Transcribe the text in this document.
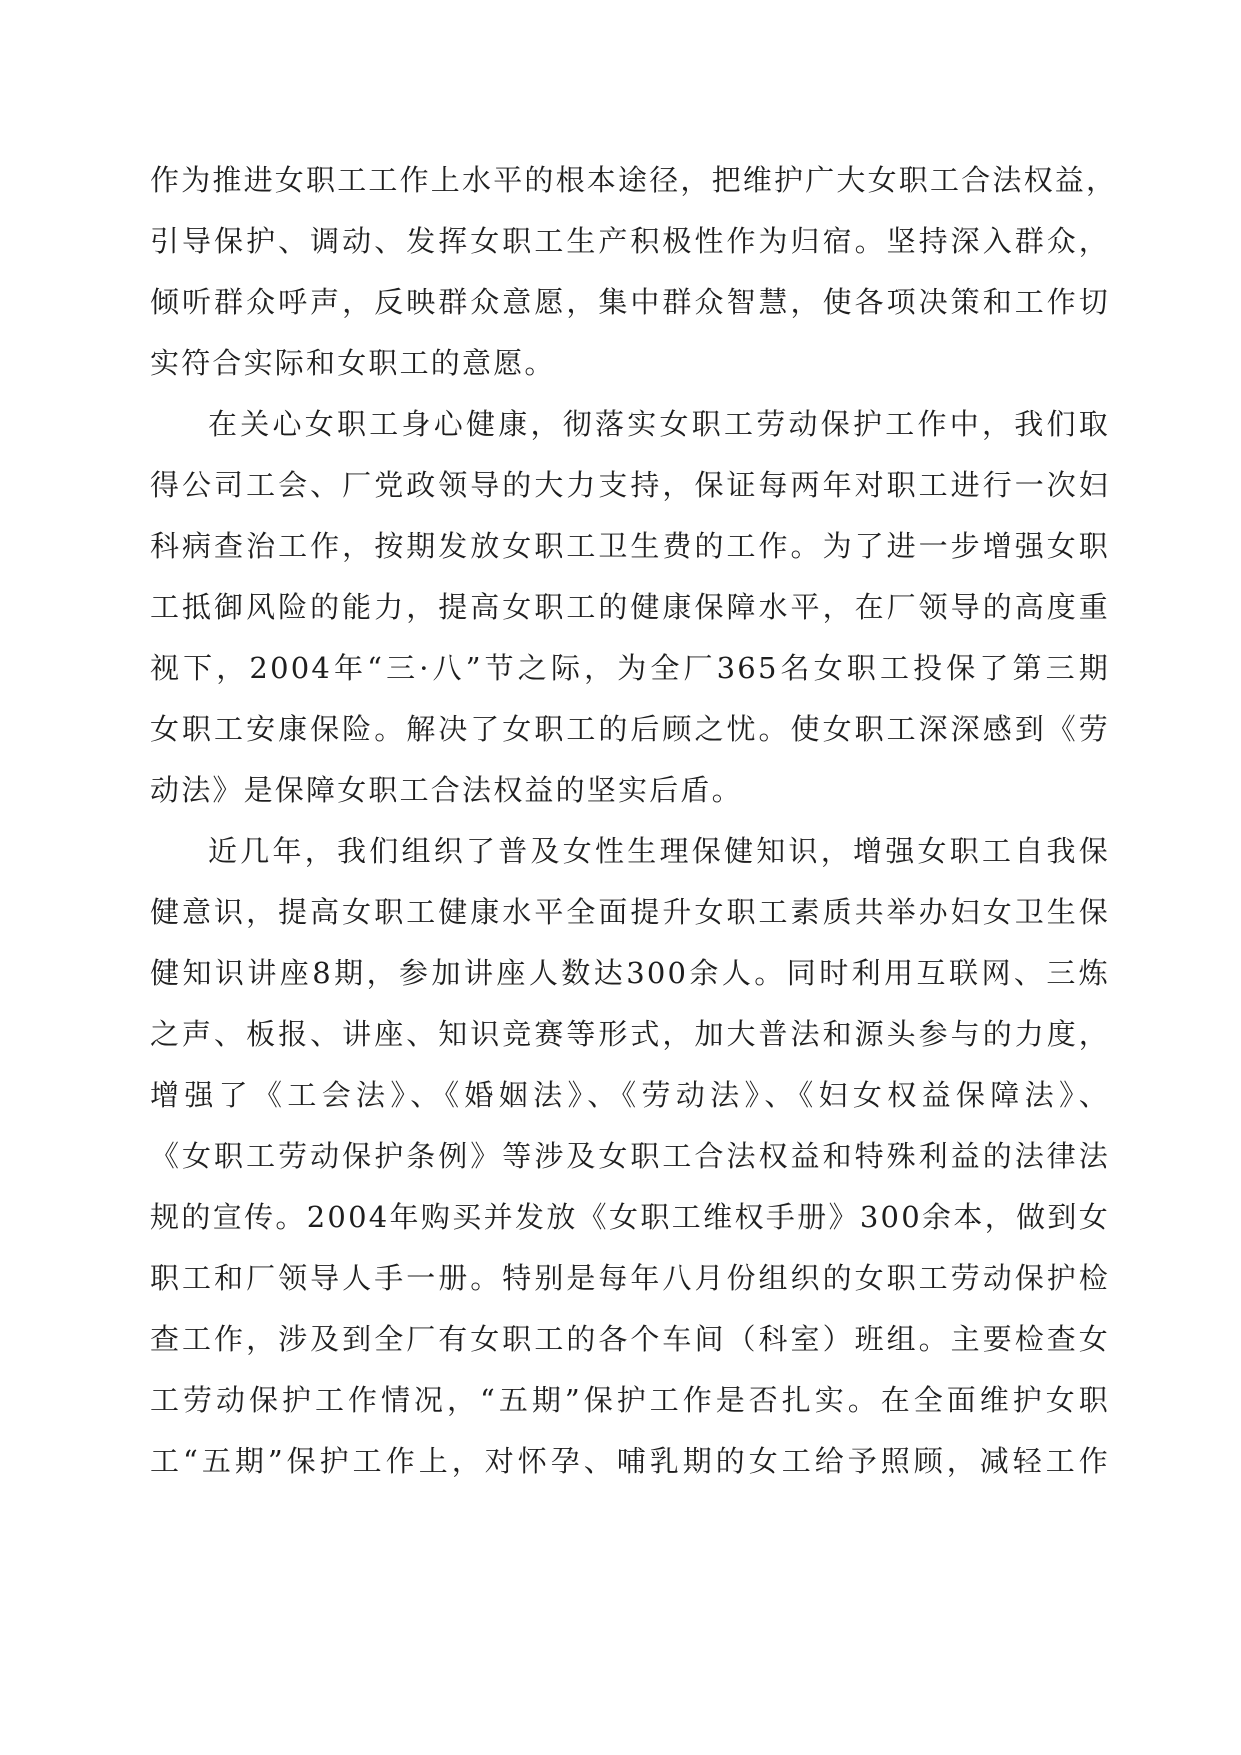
作为推进女职工工作上水平的根本途径，把维护广大女职工合法权益，
引导保护、调动、发挥女职工生产积极性作为归宿。坚持深入群众，
倾听群众呼声，反映群众意愿，集中群众智慧，使各项决策和工作切
实符合实际和女职工的意愿。
在关心女职工身心健康，彻落实女职工劳动保护工作中，我们取
得公司工会、厂党政领导的大力支持，保证每两年对职工进行一次妇
科病查治工作，按期发放女职工卫生费的工作。为了进一步增强女职
工抵御风险的能力，提高女职工的健康保障水平，在厂领导的高度重
视下，2004年“三·八”节之际，为全厂365名女职工投保了第三期
女职工安康保险。解决了女职工的后顾之忧。使女职工深深感到《劳
动法》是保障女职工合法权益的坚实后盾。
近几年，我们组织了普及女性生理保健知识，增强女职工自我保
健意识，提高女职工健康水平全面提升女职工素质共举办妇女卫生保
健知识讲座8期，参加讲座人数达300余人。同时利用互联网、三炼
之声、板报、讲座、知识竞赛等形式，加大普法和源头参与的力度，
增强了《工会法》、《婚姻法》、《劳动法》、《妇女权益保障法》、
《女职工劳动保护条例》等涉及女职工合法权益和特殊利益的法律法
规的宣传。2004年购买并发放《女职工维权手册》300余本，做到女
职工和厂领导人手一册。特别是每年八月份组织的女职工劳动保护检
查工作，涉及到全厂有女职工的各个车间（科室）班组。主要检查女
工劳动保护工作情况，“五期”保护工作是否扎实。在全面维护女职
工“五期”保护工作上，对怀孕、哺乳期的女工给予照顾，减轻工作
